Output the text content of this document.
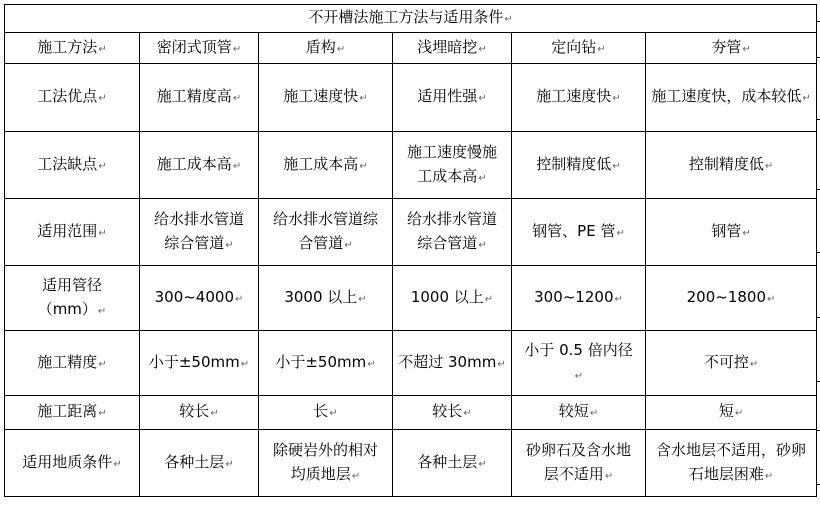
不开槽法施工方法与适用条件↵					
施工方法↵	密闭式顶管↵	盾构↵	浅埋暗挖↵	定向钻↵	夯管↵
工法优点↵	施工精度高↵	施工速度快↵	适用性强↵	施工速度快↵	施工速度快，成本较低↵
工法缺点↵	施工成本高↵	施工成本高↵	施工速度慢施工成本高↵	控制精度低↵	控制精度低↵
适用范围↵	给水排水管道综合管道↵	给水排水管道综合管道↵	给水排水管道综合管道↵	钢管、PE 管↵	钢管↵
适用管径（mm）↵	300~4000↵	3000 以上↵	1000 以上↵	300~1200↵	200~1800↵
施工精度↵	小于±50mm↵	小于±50mm↵	不超过 30mm↵	小于 0.5 倍内径↵	不可控↵
施工距离↵	较长↵	长↵	较长↵	较短↵	短↵
适用地质条件↵	各种土层↵	除硬岩外的相对均质地层↵	各种土层↵	砂卵石及含水地层不适用↵	含水地层不适用，砂卵石地层困难↵
